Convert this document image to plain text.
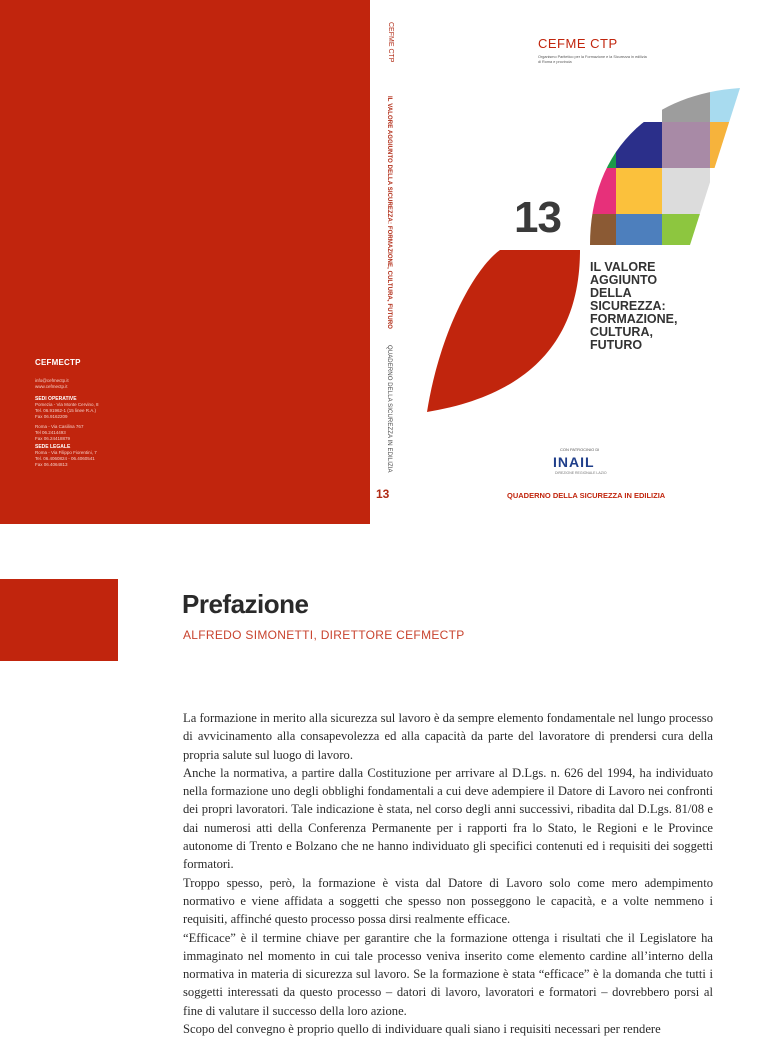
CEFMECTP
info@cefmectp.it
www.cefmectp.it
SEDI OPERATIVE
Pomezia - Via Monte Cervino, 8
Tel. 06.91962-1 (15 linee R.A.)
Fax 06.9162209
Roma - Via Casilina 767
Tel 06.2414493
Fax 06.24418879
SEDE LEGALE
Roma - Via Filippo Fiorentini, 7
Tel. 06.4060824 - 06.4060541
Fax 06.4064813
CEFME CTP
IL VALORE AGGIUNTO DELLA SICUREZZA: FORMAZIONE, CULTURA, FUTURO
QUADERNO DELLA SICUREZZA IN EDILIZIA
13
CEFME CTP
Organismo Paritetico per la Formazione e la Sicurezza in edilizia di Roma e provincia
13
IL VALORE
AGGIUNTO
DELLA
SICUREZZA:
FORMAZIONE,
CULTURA,
FUTURO
CON PATROCINIO DI
INAIL
DIREZIONE REGIONALE LAZIO
QUADERNO DELLA SICUREZZA IN EDILIZIA
Prefazione
ALFREDO SIMONETTI, DIRETTORE CEFMECTP

La formazione in merito alla sicurezza sul lavoro è da sempre elemento fondamentale nel lungo processo di avvicinamento alla consapevolezza ed alla capacità da parte del lavoratore di prendersi cura della propria salute sul luogo di lavoro.

Anche la normativa, a partire dalla Costituzione per arrivare al D.Lgs. n. 626 del 1994, ha individuato nella formazione uno degli obblighi fondamentali a cui deve adempiere il Datore di Lavoro nei confronti dei propri lavoratori. Tale indicazione è stata, nel corso degli anni successivi, ribadita dal D.Lgs. 81/08 e dai numerosi atti della Conferenza Permanente per i rapporti fra lo Stato, le Regioni e le Province autonome di Trento e Bolzano che ne hanno individuato gli specifici contenuti ed i requisiti dei soggetti formatori.

Troppo spesso, però, la formazione è vista dal Datore di Lavoro solo come mero adempimento normativo e viene affidata a soggetti che spesso non posseggono le capacità, e a volte nemmeno i requisiti, affinché questo processo possa dirsi realmente efficace.

“Efficace” è il termine chiave per garantire che la formazione ottenga i risultati che il Legislatore ha immaginato nel momento in cui tale processo veniva inserito come elemento cardine all’interno della normativa in materia di sicurezza sul lavoro. Se la formazione è stata “efficace” è la domanda che tutti i soggetti interessati da questo processo – datori di lavoro, lavoratori e formatori – dovrebbero porsi al fine di valutare il successo della loro azione.

Scopo del convegno è proprio quello di individuare quali siano i requisiti necessari per rendere
